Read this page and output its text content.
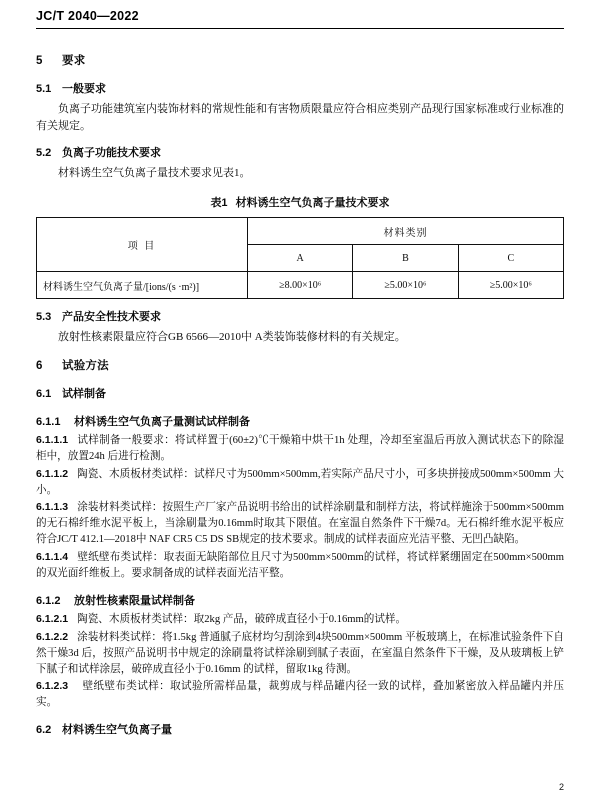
JC/T 2040—2022
5 要求
5.1 一般要求

负离子功能建筑室内装饰材料的常规性能和有害物质限量应符合相应类别产品现行国家标准或行业标准的有关规定。

5.2 负离子功能技术要求

材料诱生空气负离子量技术要求见表1。

表1 材料诱生空气负离子量技术要求
项 目	材料类别		
	A	B	C
材料诱生空气负离子量/[ions/(s ·m²)]	≥8.00×10⁶	≥5.00×10⁶	≥5.00×10⁶
5.3 产品安全性技术要求

放射性核素限量应符合GB 6566—2010中 A类装饰装修材料的有关规定。

6 试验方法
6.1 试样制备
6.1.1 材料诱生空气负离子量测试试样制备

6.1.1.1 试样制备一般要求：将试样置于(60±2)℃干燥箱中烘干1h 处理，冷却至室温后再放入测试状态下的除湿柜中，放置24h 后进行检测。

6.1.1.2 陶瓷、木质板材类试样：试样尺寸为500mm×500mm,若实际产品尺寸小，可多块拼接成500mm×500mm 大小。

6.1.1.3 涂装材料类试样：按照生产厂家产品说明书给出的试样涂刷量和制样方法，将试样施涂于500mm×500mm 的无石棉纤维水泥平板上，当涂刷量为0.16mm时取其下限值。在室温自然条件下干燥7d。无石棉纤维水泥平板应符合JC/T 412.1—2018中 NAF CR5 C5 DS SB规定的技术要求。制成的试样表面应光洁平整、无凹凸缺陷。

6.1.1.4 壁纸壁布类试样：取表面无缺陷部位且尺寸为500mm×500mm的试样，将试样紧绷固定在500mm×500mm 的双光面纤维板上。要求制备成的试样表面光洁平整。

6.1.2 放射性核素限量试样制备

6.1.2.1 陶瓷、木质板材类试样：取2kg 产品，破碎成直径小于0.16mm的试样。

6.1.2.2 涂装材料类试样：将1.5kg 普通腻子底材均匀刮涂到4块500mm×500mm 平板玻璃上，在标准试验条件下自然干燥3d 后，按照产品说明书中规定的涂刷量将试样涂刷到腻子表面，在室温自然条件下干燥，及从玻璃板上铲下腻子和试样涂层，破碎成直径小于0.16mm 的试样，留取1kg 待测。

6.1.2.3 壁纸壁布类试样：取试验所需样品量，裁剪成与样品罐内径一致的试样，叠加紧密放入样品罐内并压实。

6.2 材料诱生空气负离子量
2
